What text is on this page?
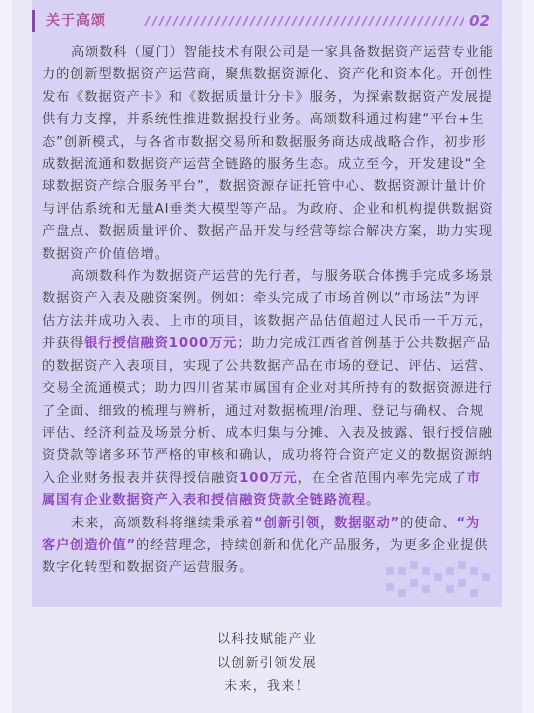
关于高颂	02

高颂数科（厦门）智能技术有限公司是一家具备数据资产运营专业能力的创新型数据资产运营商，聚焦数据资源化、资产化和资本化。开创性发布《数据资产卡》和《数据质量计分卡》服务，为探索数据资产发展提供有力支撑，并系统性推进数据投行业务。高颂数科通过构建“平台+生态”创新模式，与各省市数据交易所和数据服务商达成战略合作，初步形成数据流通和数据资产运营全链路的服务生态。成立至今，开发建设“全球数据资产综合服务平台”，数据资源存证托管中心、数据资源计量计价与评估系统和无量AI垂类大模型等产品。为政府、企业和机构提供数据资产盘点、数据质量评价、数据产品开发与经营等综合解决方案，助力实现数据资产价值倍增。

高颂数科作为数据资产运营的先行者，与服务联合体携手完成多场景数据资产入表及融资案例。例如：牵头完成了市场首例以“市场法”为评估方法并成功入表、上市的项目，该数据产品估值超过人民币一千万元，并获得银行授信融资1000万元；助力完成江西省首例基于公共数据产品的数据资产入表项目，实现了公共数据产品在市场的登记、评估、运营、交易全流通模式；助力四川省某市属国有企业对其所持有的数据资源进行了全面、细致的梳理与辨析，通过对数据梳理/治理、登记与确权、合规评估、经济利益及场景分析、成本归集与分摊、入表及披露、银行授信融资贷款等诸多环节严格的审核和确认，成功将符合资产定义的数据资源纳入企业财务报表并获得授信融资100万元，在全省范围内率先完成了市属国有企业数据资产入表和授信融资贷款全链路流程。

未来，高颂数科将继续秉承着“创新引领，数据驱动”的使命、“为客户创造价值”的经营理念，持续创新和优化产品服务，为更多企业提供数字化转型和数据资产运营服务。

以科技赋能产业
以创新引领发展
未来，我来！
